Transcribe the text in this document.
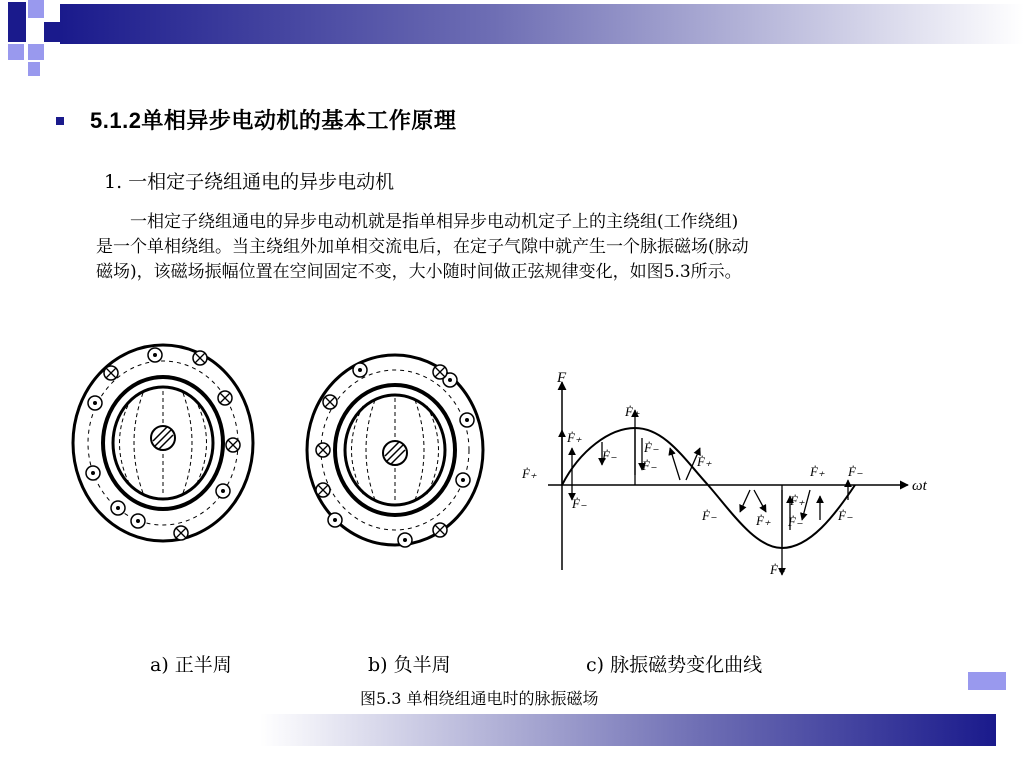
5.1.2单相异步电动机的基本工作原理
1. 一相定子绕组通电的异步电动机
一相定子绕组通电的异步电动机就是指单相异步电动机定子上的主绕组(工作绕组)
是一个单相绕组。当主绕组外加单相交流电后，在定子气隙中就产生一个脉振磁场(脉动
磁场)，该磁场振幅位置在空间固定不变，大小随时间做正弦规律变化，如图5.3所示。
F
ωt
Ḟ₊
Ḟ₋
Ḟ₊
Ḟ₋
Ḟ₊
Ḟ₋
Ḟ₋	Ḟ₊
Ḟ₋	Ḟ₊
Ḟ₊
Ḟ₋
Ḟ₊
Ḟ₊ Ḟ₋
Ḟ₋
a) 正半周	b) 负半周	c) 脉振磁势变化曲线
图5.3 单相绕组通电时的脉振磁场
